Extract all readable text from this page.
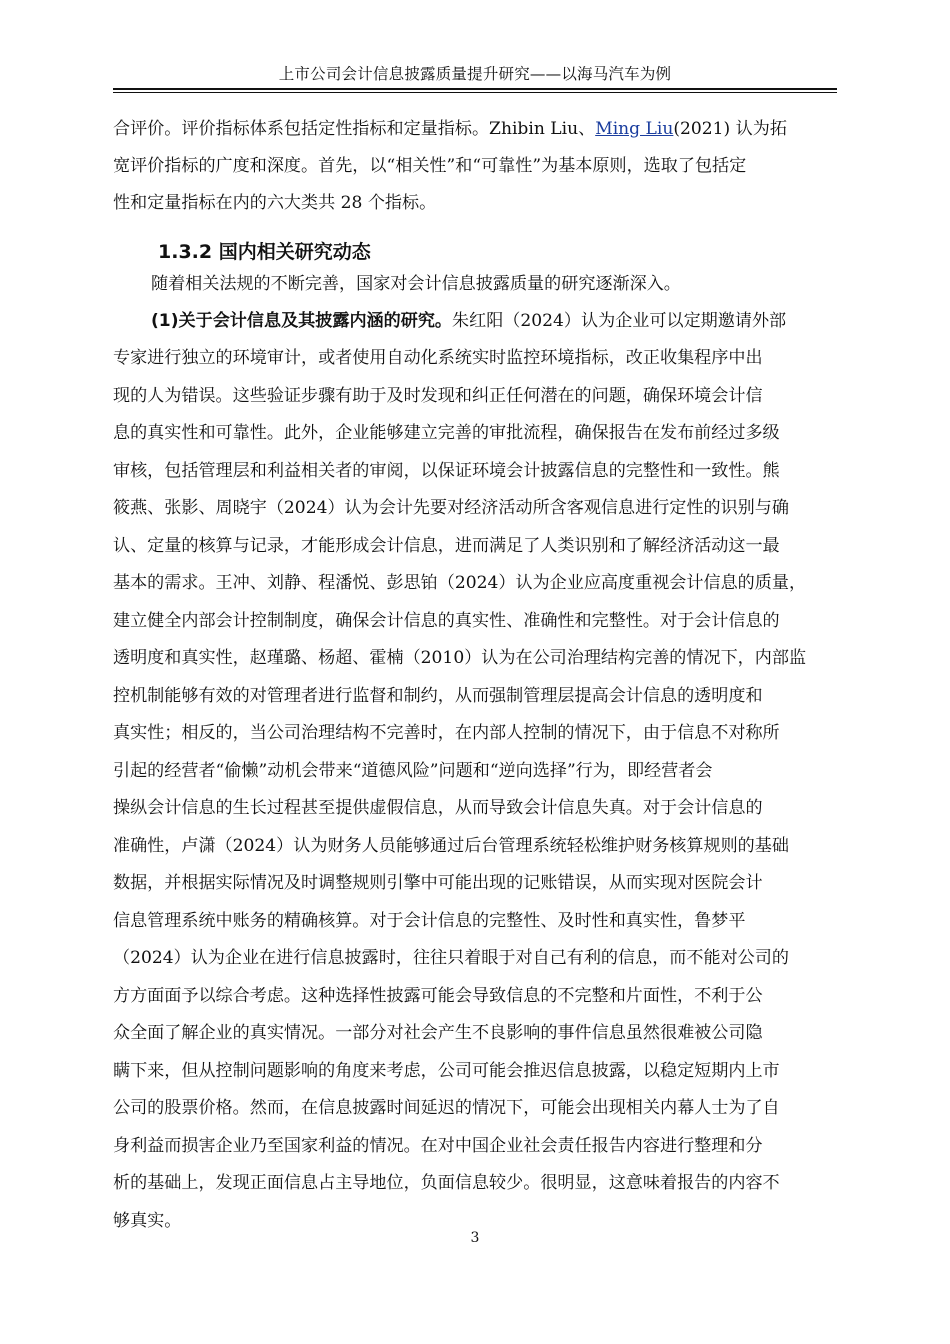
上市公司会计信息披露质量提升研究——以海马汽车为例
合评价。评价指标体系包括定性指标和定量指标。Zhibin Liu、Ming Liu(2021) 认为拓
宽评价指标的广度和深度。首先，以“相关性”和“可靠性”为基本原则，选取了包括定
性和定量指标在内的六大类共 28 个指标。
1.3.2 国内相关研究动态
随着相关法规的不断完善，国家对会计信息披露质量的研究逐渐深入。
(1)关于会计信息及其披露内涵的研究。朱红阳（2024）认为企业可以定期邀请外部
专家进行独立的环境审计，或者使用自动化系统实时监控环境指标，改正收集程序中出
现的人为错误。这些验证步骤有助于及时发现和纠正任何潜在的问题，确保环境会计信
息的真实性和可靠性。此外，企业能够建立完善的审批流程，确保报告在发布前经过多级
审核，包括管理层和利益相关者的审阅，以保证环境会计披露信息的完整性和一致性。熊
筱燕、张影、周晓宇（2024）认为会计先要对经济活动所含客观信息进行定性的识别与确
认、定量的核算与记录，才能形成会计信息，进而满足了人类识别和了解经济活动这一最
基本的需求。王冲、刘静、程潘悦、彭思铂（2024）认为企业应高度重视会计信息的质量，
建立健全内部会计控制制度，确保会计信息的真实性、准确性和完整性。对于会计信息的
透明度和真实性，赵瑾璐、杨超、霍楠（2010）认为在公司治理结构完善的情况下，内部监
控机制能够有效的对管理者进行监督和制约，从而强制管理层提高会计信息的透明度和
真实性；相反的，当公司治理结构不完善时，在内部人控制的情况下，由于信息不对称所
引起的经营者“偷懒”动机会带来“道德风险”问题和“逆向选择”行为，即经营者会
操纵会计信息的生长过程甚至提供虚假信息，从而导致会计信息失真。对于会计信息的
准确性，卢潇（2024）认为财务人员能够通过后台管理系统轻松维护财务核算规则的基础
数据，并根据实际情况及时调整规则引擎中可能出现的记账错误，从而实现对医院会计
信息管理系统中账务的精确核算。对于会计信息的完整性、及时性和真实性，鲁梦平
（2024）认为企业在进行信息披露时，往往只着眼于对自己有利的信息，而不能对公司的
方方面面予以综合考虑。这种选择性披露可能会导致信息的不完整和片面性，不利于公
众全面了解企业的真实情况。一部分对社会产生不良影响的事件信息虽然很难被公司隐
瞒下来，但从控制问题影响的角度来考虑，公司可能会推迟信息披露，以稳定短期内上市
公司的股票价格。然而，在信息披露时间延迟的情况下，可能会出现相关内幕人士为了自
身利益而损害企业乃至国家利益的情况。在对中国企业社会责任报告内容进行整理和分
析的基础上，发现正面信息占主导地位，负面信息较少。很明显，这意味着报告的内容不
够真实。
3
